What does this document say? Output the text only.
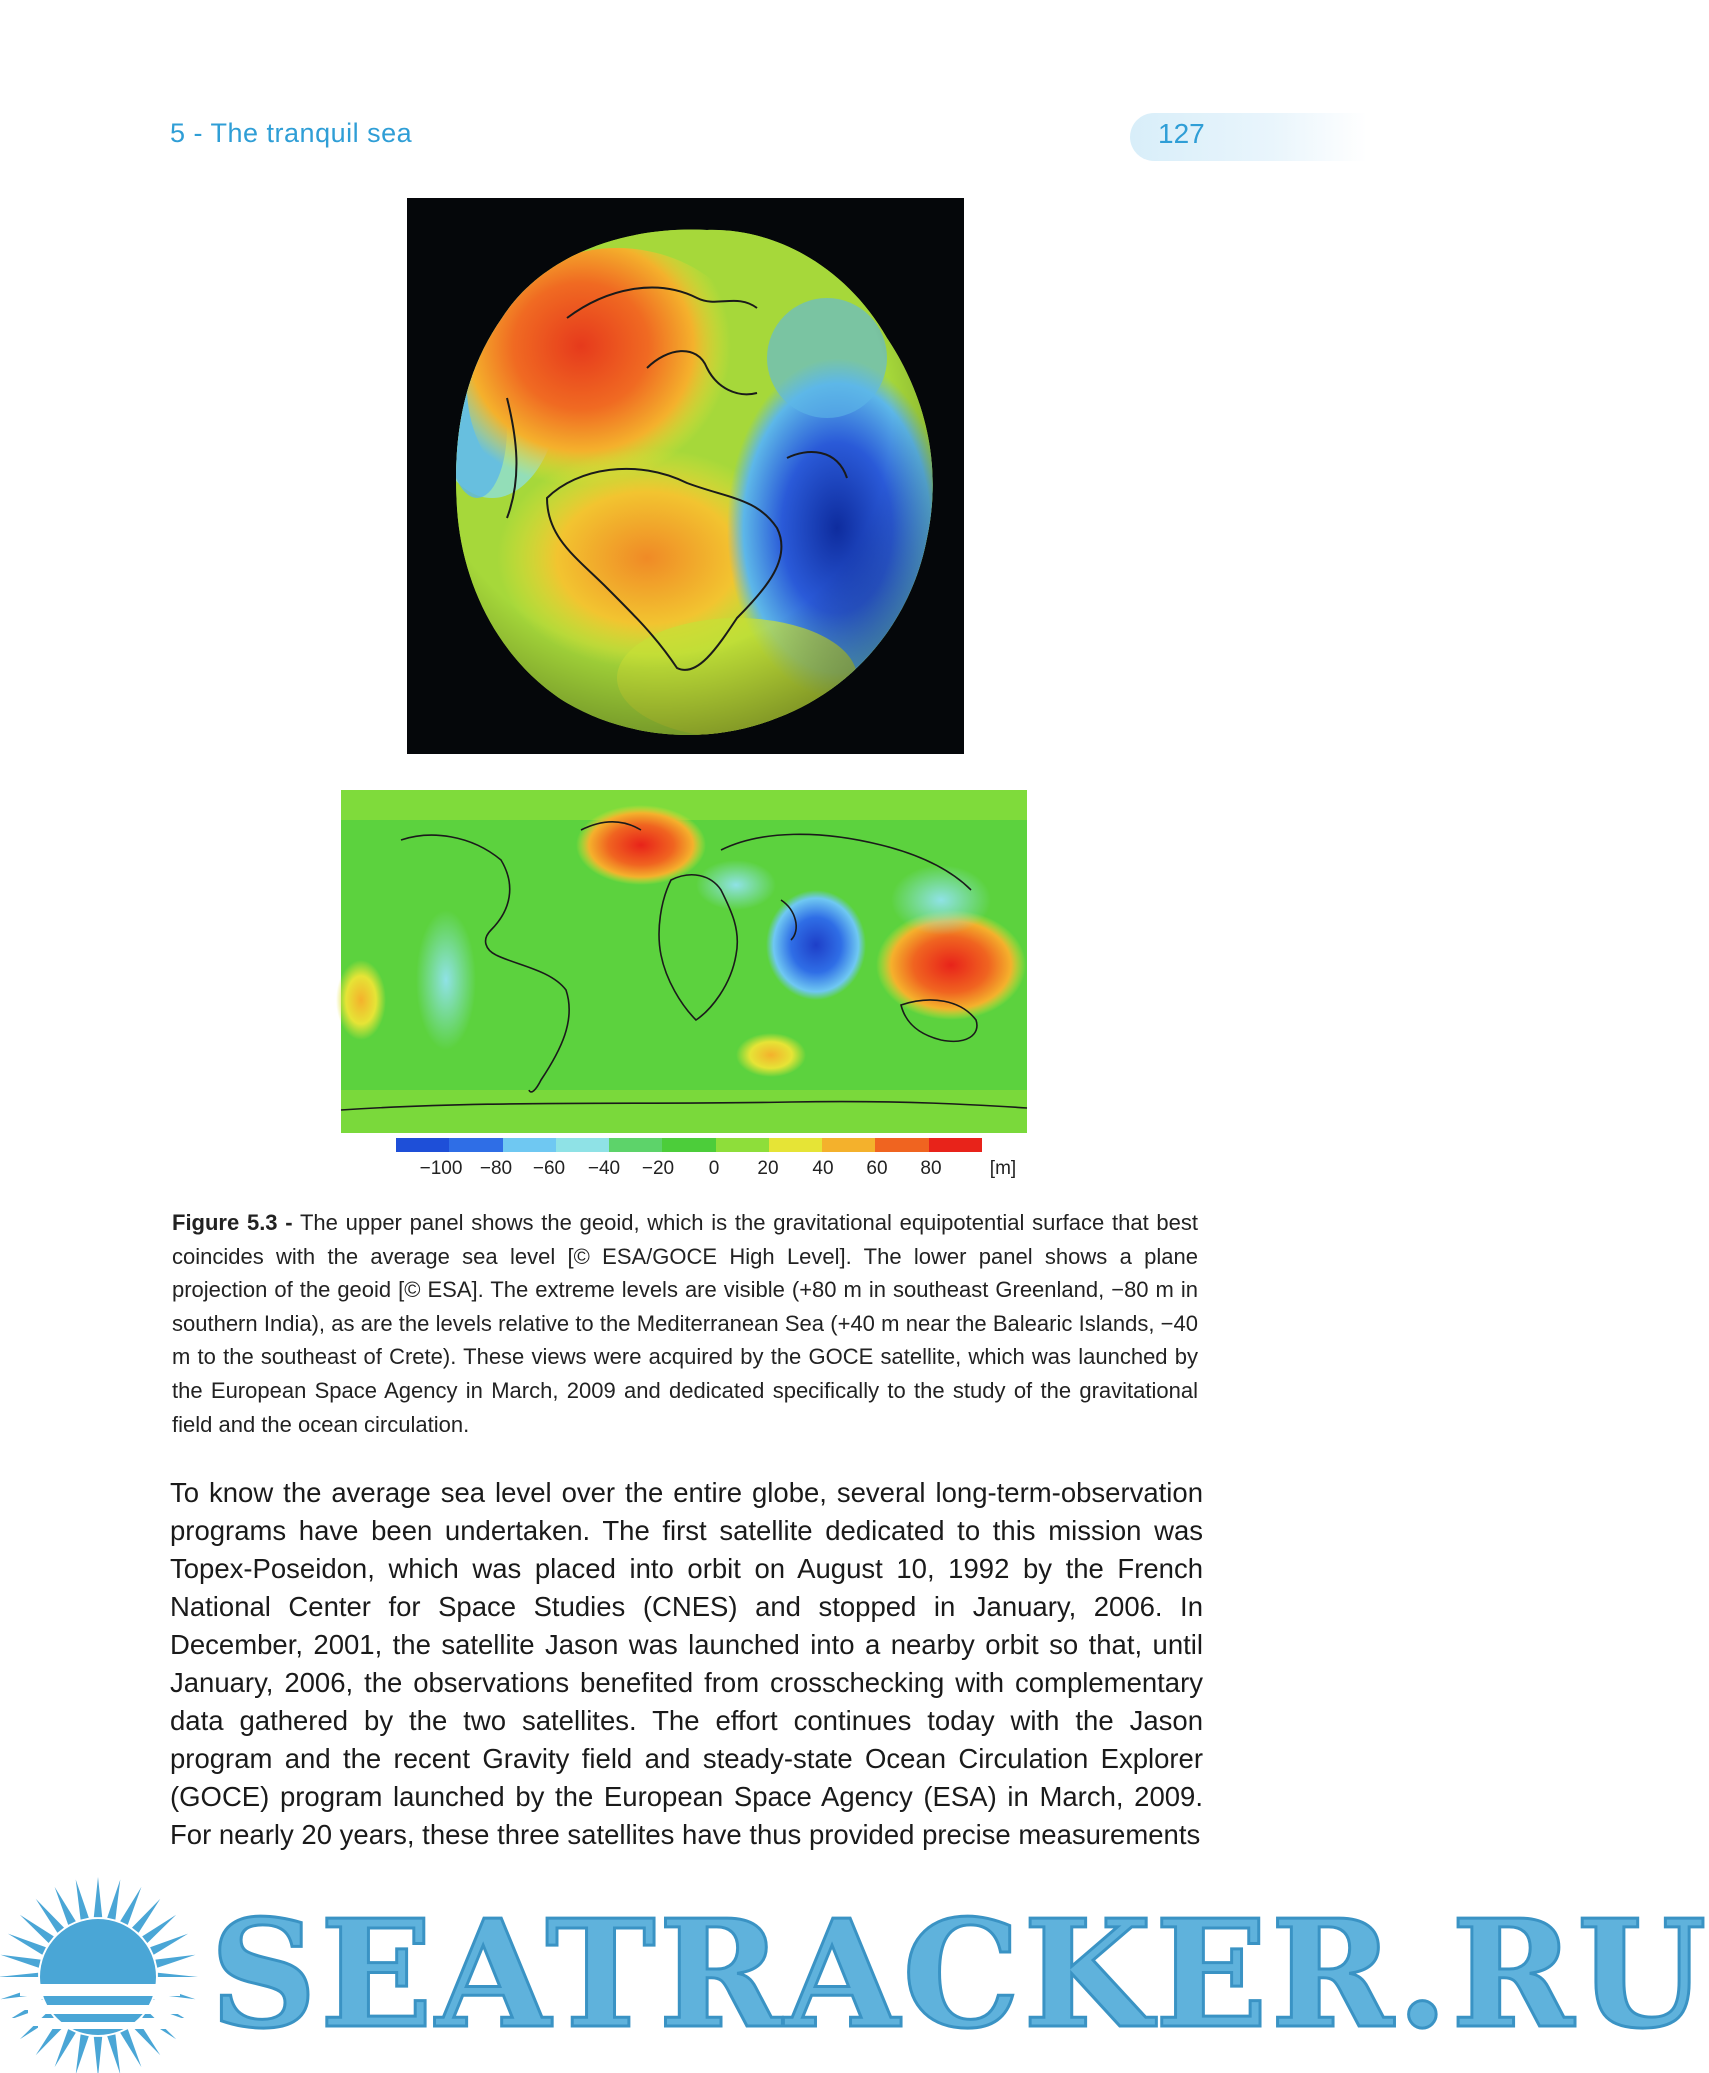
5 - The tranquil sea	127
−100 −80 −60 −40 −20 0 20 40 60 80	[m]

Figure 5.3 - The upper panel shows the geoid, which is the gravitational equipotential surface that best coincides with the average sea level [© ESA/GOCE High Level]. The lower panel shows a plane projection of the geoid [© ESA]. The extreme levels are visible (+80 m in southeast Greenland, −80 m in southern India), as are the levels relative to the Mediterranean Sea (+40 m near the Balearic Islands, −40 m to the southeast of Crete). These views were acquired by the GOCE satellite, which was launched by the European Space Agency in March, 2009 and dedicated specifically to the study of the gravitational field and the ocean circulation.

To know the average sea level over the entire globe, several long-term-observation programs have been undertaken. The first satellite dedicated to this mission was Topex-Poseidon, which was placed into orbit on August 10, 1992 by the French National Center for Space Studies (CNES) and stopped in January, 2006. In December, 2001, the satellite Jason was launched into a nearby orbit so that, until January, 2006, the observations benefited from crosschecking with complementary data gathered by the two satellites. The effort continues today with the Jason program and the recent Gravity field and steady-state Ocean Circulation Explorer (GOCE) program launched by the European Space Agency (ESA) in March, 2009. For nearly 20 years, these three satellites have thus provided precise measurements

SEATRACKER.RU
